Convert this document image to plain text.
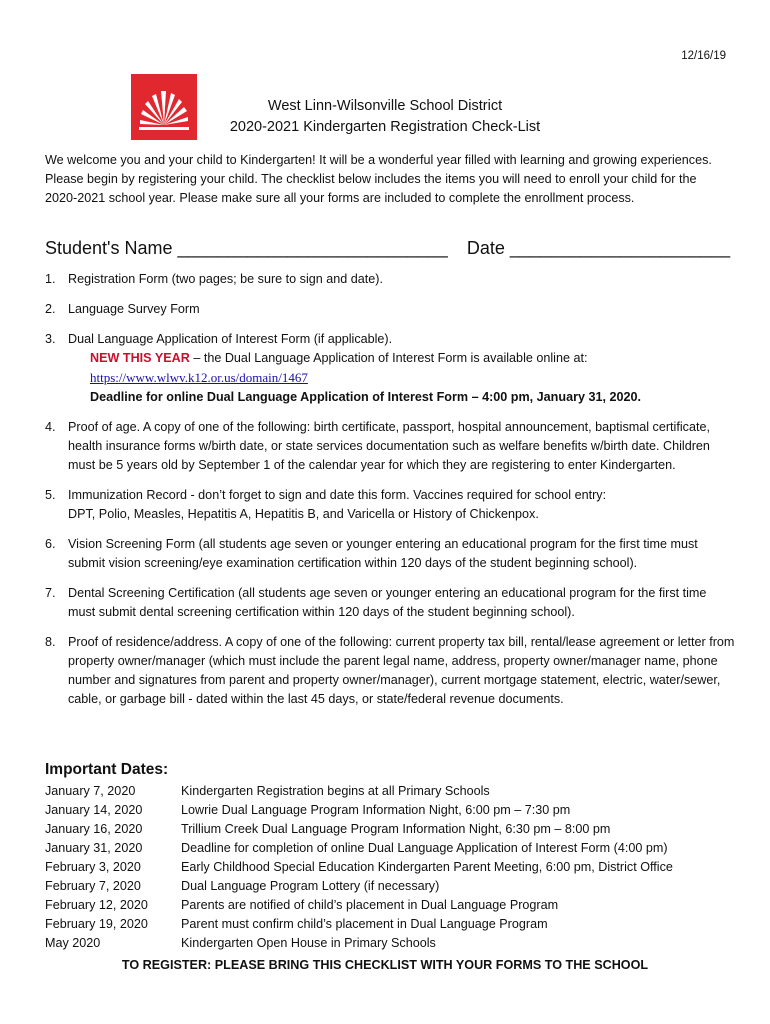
12/16/19
West Linn-Wilsonville School District
2020-2021 Kindergarten Registration Check-List
We welcome you and your child to Kindergarten! It will be a wonderful year filled with learning and growing experiences. Please begin by registering your child. The checklist below includes the items you will need to enroll your child for the 2020-2021 school year. Please make sure all your forms are included to complete the enrollment process.
Student's Name ___________________________ Date ______________________
1. Registration Form (two pages; be sure to sign and date).
2. Language Survey Form
3. Dual Language Application of Interest Form (if applicable).
NEW THIS YEAR – the Dual Language Application of Interest Form is available online at:
https://www.wlwv.k12.or.us/domain/1467
Deadline for online Dual Language Application of Interest Form – 4:00 pm, January 31, 2020.
4. Proof of age. A copy of one of the following: birth certificate, passport, hospital announcement, baptismal certificate, health insurance forms w/birth date, or state services documentation such as welfare benefits w/birth date. Children must be 5 years old by September 1 of the calendar year for which they are registering to enter Kindergarten.
5. Immunization Record - don’t forget to sign and date this form. Vaccines required for school entry:
DPT, Polio, Measles, Hepatitis A, Hepatitis B, and Varicella or History of Chickenpox.
6. Vision Screening Form (all students age seven or younger entering an educational program for the first time must submit vision screening/eye examination certification within 120 days of the student beginning school).
7. Dental Screening Certification (all students age seven or younger entering an educational program for the first time must submit dental screening certification within 120 days of the student beginning school).
8. Proof of residence/address. A copy of one of the following: current property tax bill, rental/lease agreement or letter from property owner/manager (which must include the parent legal name, address, property owner/manager name, phone number and signatures from parent and property owner/manager), current mortgage statement, electric, water/sewer, cable, or garbage bill - dated within the last 45 days, or state/federal revenue documents.
Important Dates:
January 7, 2020	Kindergarten Registration begins at all Primary Schools
January 14, 2020	Lowrie Dual Language Program Information Night, 6:00 pm – 7:30 pm
January 16, 2020	Trillium Creek Dual Language Program Information Night, 6:30 pm – 8:00 pm
January 31, 2020	Deadline for completion of online Dual Language Application of Interest Form (4:00 pm)
February 3, 2020	Early Childhood Special Education Kindergarten Parent Meeting, 6:00 pm, District Office
February 7, 2020	Dual Language Program Lottery (if necessary)
February 12, 2020	Parents are notified of child’s placement in Dual Language Program
February 19, 2020	Parent must confirm child’s placement in Dual Language Program
May 2020	Kindergarten Open House in Primary Schools
TO REGISTER: PLEASE BRING THIS CHECKLIST WITH YOUR FORMS TO THE SCHOOL
